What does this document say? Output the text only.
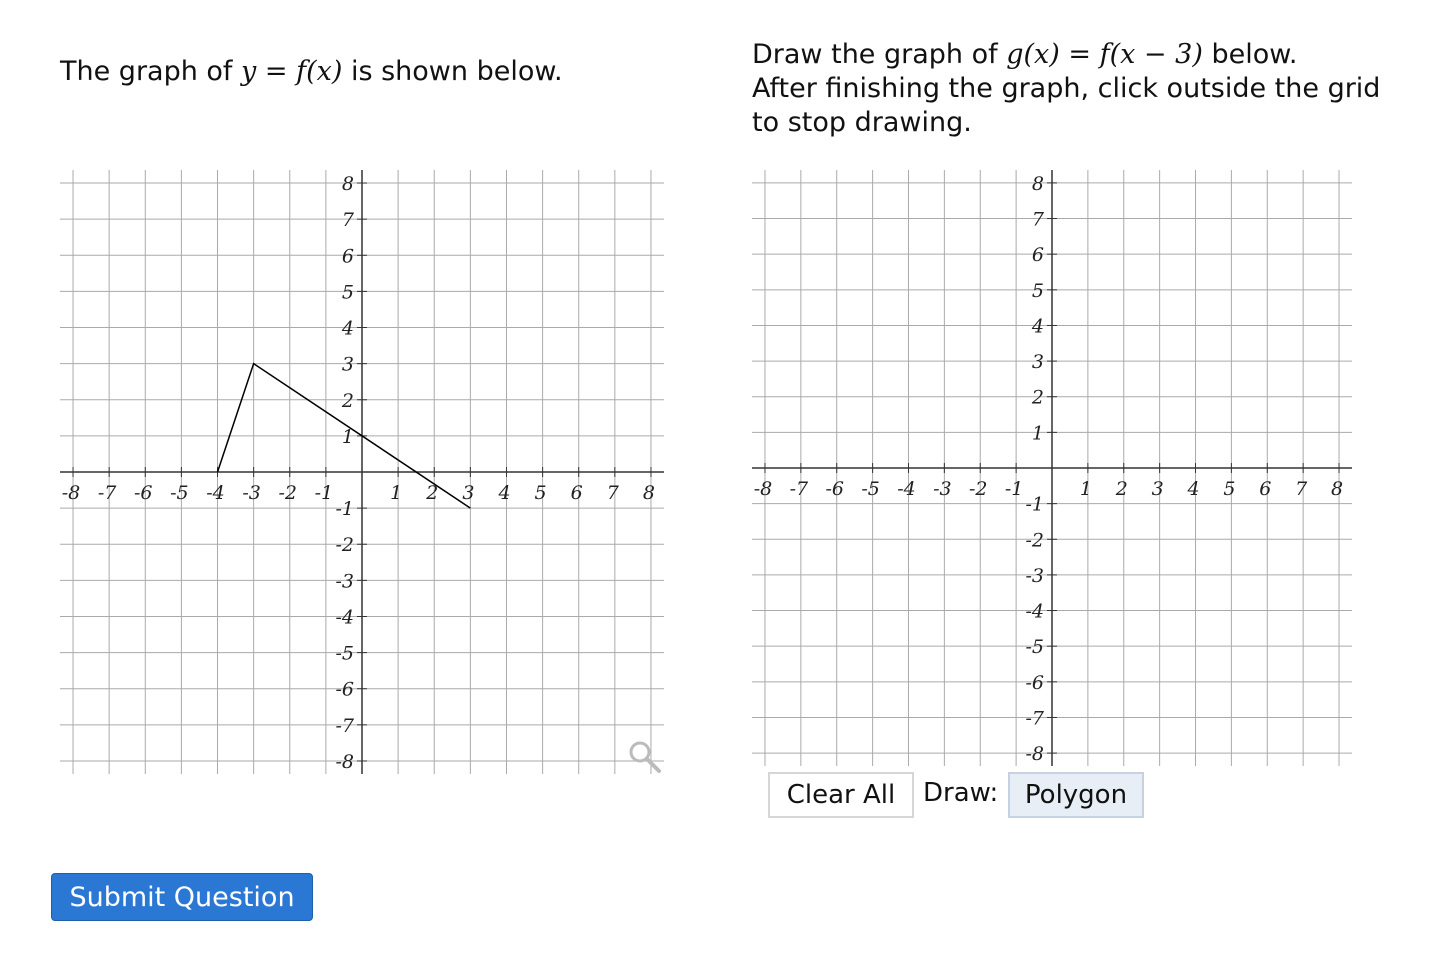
The graph of y = f(x) is shown below.
Draw the graph of g(x) = f(x − 3) below.
After finishing the graph, click outside the grid to stop drawing.
-8 -7 -6 -5 -4 -3 -2 -1	1 2 3 4 5 6 7 8
8
7
6
5
4
3
2
1
-1
-2
-3
-4
-5
-6
-7
-8
-8 -7 -6 -5 -4 -3 -2 -1	1 2 3 4 5 6 7 8
8
7
6
5
4
3
2
1
-1
-2
-3
-4
-5
-6
-7
-8
Clear All	Draw:	Polygon
Submit Question
